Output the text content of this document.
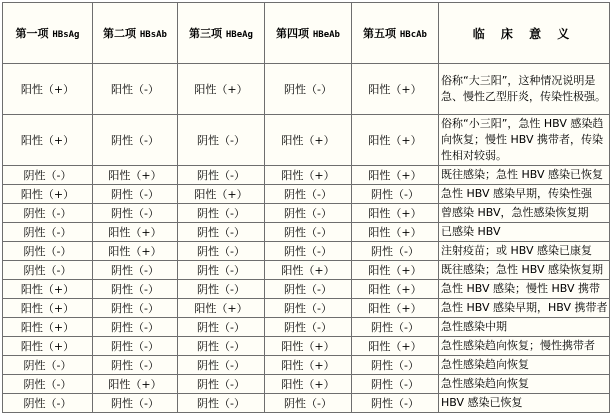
第一项 HBsAg	第二项 HBsAb	第三项 HBeAg	第四项 HBeAb	第五项 HBcAb	临 床 意 义
阳性（+）	阳性（-）	阳性（+）	阴性（-）	阳性（+）	俗称“大三阳”，这种情况说明是急、慢性乙型肝炎，传染性极强。
阳性（+）	阴性（-）	阴性（-）	阳性（+）	阳性（+）	俗称“小三阳”，急性 HBV 感染趋向恢复；慢性 HBV 携带者，传染性相对较弱。
阴性（-）	阳性（+）	阴性（-）	阳性（+）	阳性（+）	既往感染；急性 HBV 感染已恢复
阳性（+）	阴性（-）	阳性（+）	阴性（-）	阴性（-）	急性 HBV 感染早期，传染性强
阴性（-）	阴性（-）	阴性（-）	阴性（-）	阳性（+）	曾感染 HBV，急性感染恢复期
阴性（-）	阳性（+）	阴性（-）	阴性（-）	阳性（+）	已感染 HBV
阴性（-）	阳性（+）	阴性（-）	阴性（-）	阴性（-）	注射疫苗；或 HBV 感染已康复
阴性（-）	阴性（-）	阴性（-）	阳性（+）	阳性（+）	既往感染；急性 HBV 感染恢复期
阳性（+）	阴性（-）	阴性（-）	阴性（-）	阳性（+）	急性 HBV 感染；慢性 HBV 携带
阳性（+）	阴性（-）	阳性（+）	阴性（-）	阳性（+）	急性 HBV 感染早期，HBV 携带者
阳性（+）	阴性（-）	阴性（-）	阴性（-）	阴性（-）	急性感染中期
阳性（+）	阴性（-）	阴性（-）	阳性（+）	阳性（+）	急性感染趋向恢复；慢性携带者
阴性（-）	阴性（-）	阴性（-）	阳性（+）	阴性（-）	急性感染趋向恢复
阴性（-）	阳性（+）	阴性（-）	阳性（+）	阴性（-）	急性感染趋向恢复
阴性（-）	阴性（-）	阴性（-）	阴性（-）	阴性（-）	HBV 感染已恢复
